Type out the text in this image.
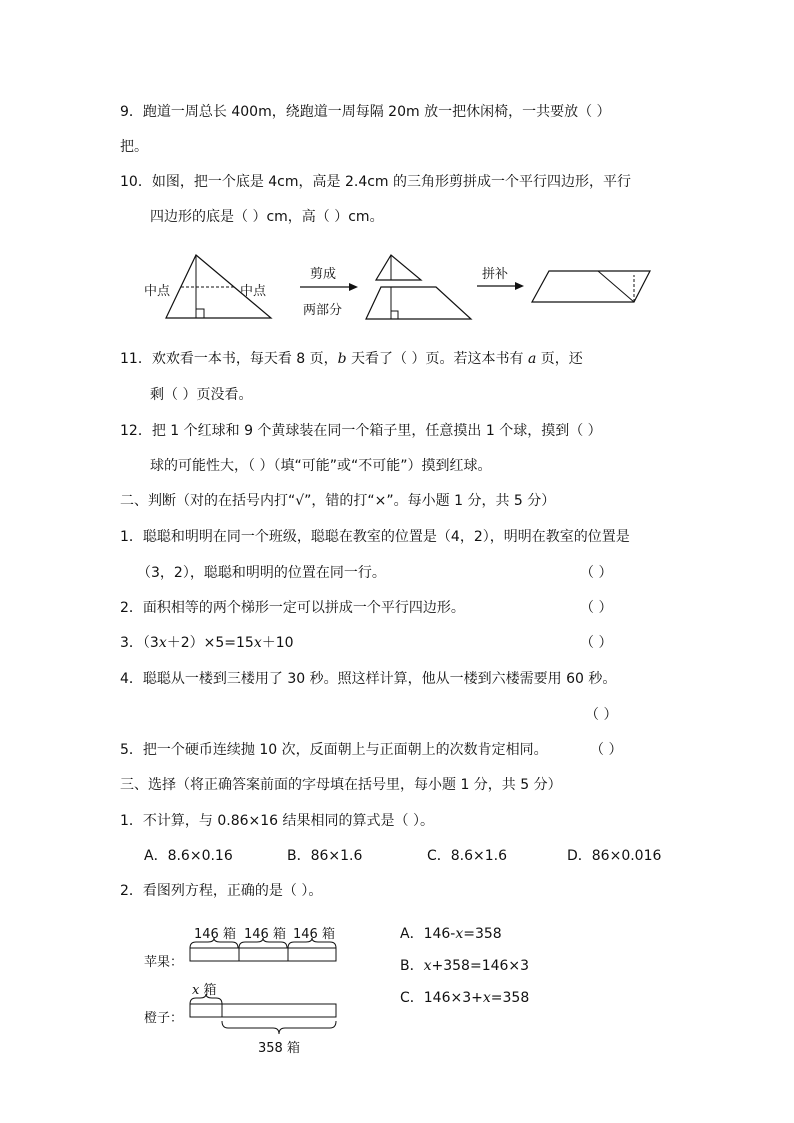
9．跑道一周总长 400m，绕跑道一周每隔 20m 放一把休闲椅，一共要放（ ）
把。
10．如图，把一个底是 4cm，高是 2.4cm 的三角形剪拼成一个平行四边形，平行
四边形的底是（ ）cm，高（ ）cm。
中点	中点
剪成
两部分
拼补
11．欢欢看一本书，每天看 8 页，b 天看了（ ）页。若这本书有 a 页，还
剩（ ）页没看。
12．把 1 个红球和 9 个黄球装在同一个箱子里，任意摸出 1 个球，摸到（ ）
球的可能性大，（ ）（填“可能”或“不可能”）摸到红球。
二、判断（对的在括号内打“√”，错的打“×”。每小题 1 分，共 5 分）
1．聪聪和明明在同一个班级，聪聪在教室的位置是（4，2），明明在教室的位置是
（3，2），聪聪和明明的位置在同一行。	（ ）
2．面积相等的两个梯形一定可以拼成一个平行四边形。	（ ）
3．（3x＋2）×5=15x＋10	（ ）
4．聪聪从一楼到三楼用了 30 秒。照这样计算，他从一楼到六楼需要用 60 秒。
（ ）
5．把一个硬币连续抛 10 次，反面朝上与正面朝上的次数肯定相同。	（ ）
三、选择（将正确答案前面的字母填在括号里，每小题 1 分，共 5 分）
1．不计算，与 0.86×16 结果相同的算式是（ ）。
A．8.6×0.16	B．86×1.6	C．8.6×1.6	D．86×0.016
2．看图列方程，正确的是（ ）。
146 箱 146 箱 146 箱
苹果：
x 箱
橙子：
358 箱
A．146-x=358
B．x+358=146×3
C．146×3+x=358
